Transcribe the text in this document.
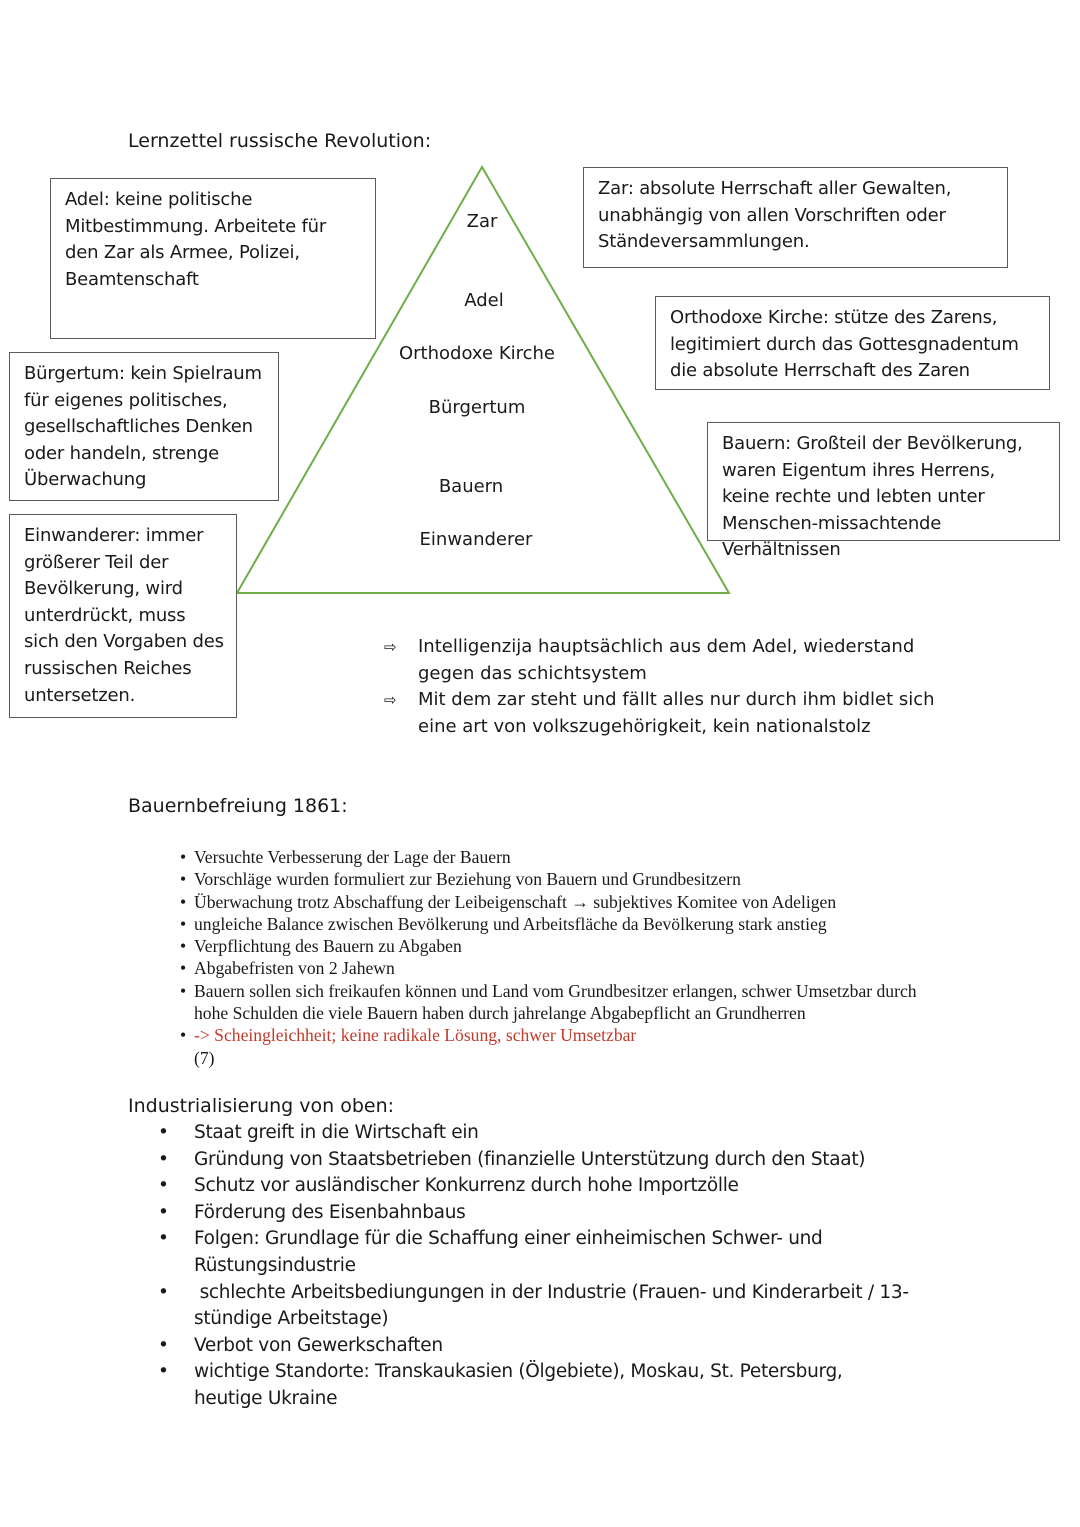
Lernzettel russische Revolution:
Zar
Adel
Orthodoxe Kirche
Bürgertum
Bauern
Einwanderer
Adel: keine politische Mitbestimmung. Arbeitete für den Zar als Armee, Polizei, Beamtenschaft
Zar: absolute Herrschaft aller Gewalten, unabhängig von allen Vorschriften oder Ständeversammlungen.
Orthodoxe Kirche: stütze des Zarens, legitimiert durch das Gottesgnadentum die absolute Herrschaft des Zaren
Bürgertum: kein Spielraum für eigenes politisches, gesellschaftliches Denken oder handeln, strenge Überwachung
Bauern: Großteil der Bevölkerung, waren Eigentum ihres Herrens, keine rechte und lebten unter Menschen-missachtende Verhältnissen
Einwanderer: immer größerer Teil der Bevölkerung, wird unterdrückt, muss sich den Vorgaben des russischen Reiches untersetzen.
⇨	Intelligenzija hauptsächlich aus dem Adel, wiederstand gegen das schichtsystem
⇨	Mit dem zar steht und fällt alles nur durch ihm bidlet sich eine art von volkszugehörigkeit, kein nationalstolz
Bauernbefreiung 1861:
• Versuchte Verbesserung der Lage der Bauern
• Vorschläge wurden formuliert zur Beziehung von Bauern und Grundbesitzern
• Überwachung trotz Abschaffung der Leibeigenschaft → subjektives Komitee von Adeligen
• ungleiche Balance zwischen Bevölkerung und Arbeitsfläche da Bevölkerung stark anstieg
• Verpflichtung des Bauern zu Abgaben
• Abgabefristen von 2 Jahewn
• Bauern sollen sich freikaufen können und Land vom Grundbesitzer erlangen, schwer Umsetzbar durch hohe Schulden die viele Bauern haben durch jahrelange Abgabepflicht an Grundherren
• -> Scheingleichheit; keine radikale Lösung, schwer Umsetzbar
(7)
Industrialisierung von oben:
•	Staat greift in die Wirtschaft ein
•	Gründung von Staatsbetrieben (finanzielle Unterstützung durch den Staat)
•	Schutz vor ausländischer Konkurrenz durch hohe Importzölle
•	Förderung des Eisenbahnbaus
•	Folgen: Grundlage für die Schaffung einer einheimischen Schwer- und Rüstungsindustrie
•	schlechte Arbeitsbediungungen in der Industrie (Frauen- und Kinderarbeit / 13-stündige Arbeitstage)
•	Verbot von Gewerkschaften
•	wichtige Standorte: Transkaukasien (Ölgebiete), Moskau, St. Petersburg, heutige Ukraine
